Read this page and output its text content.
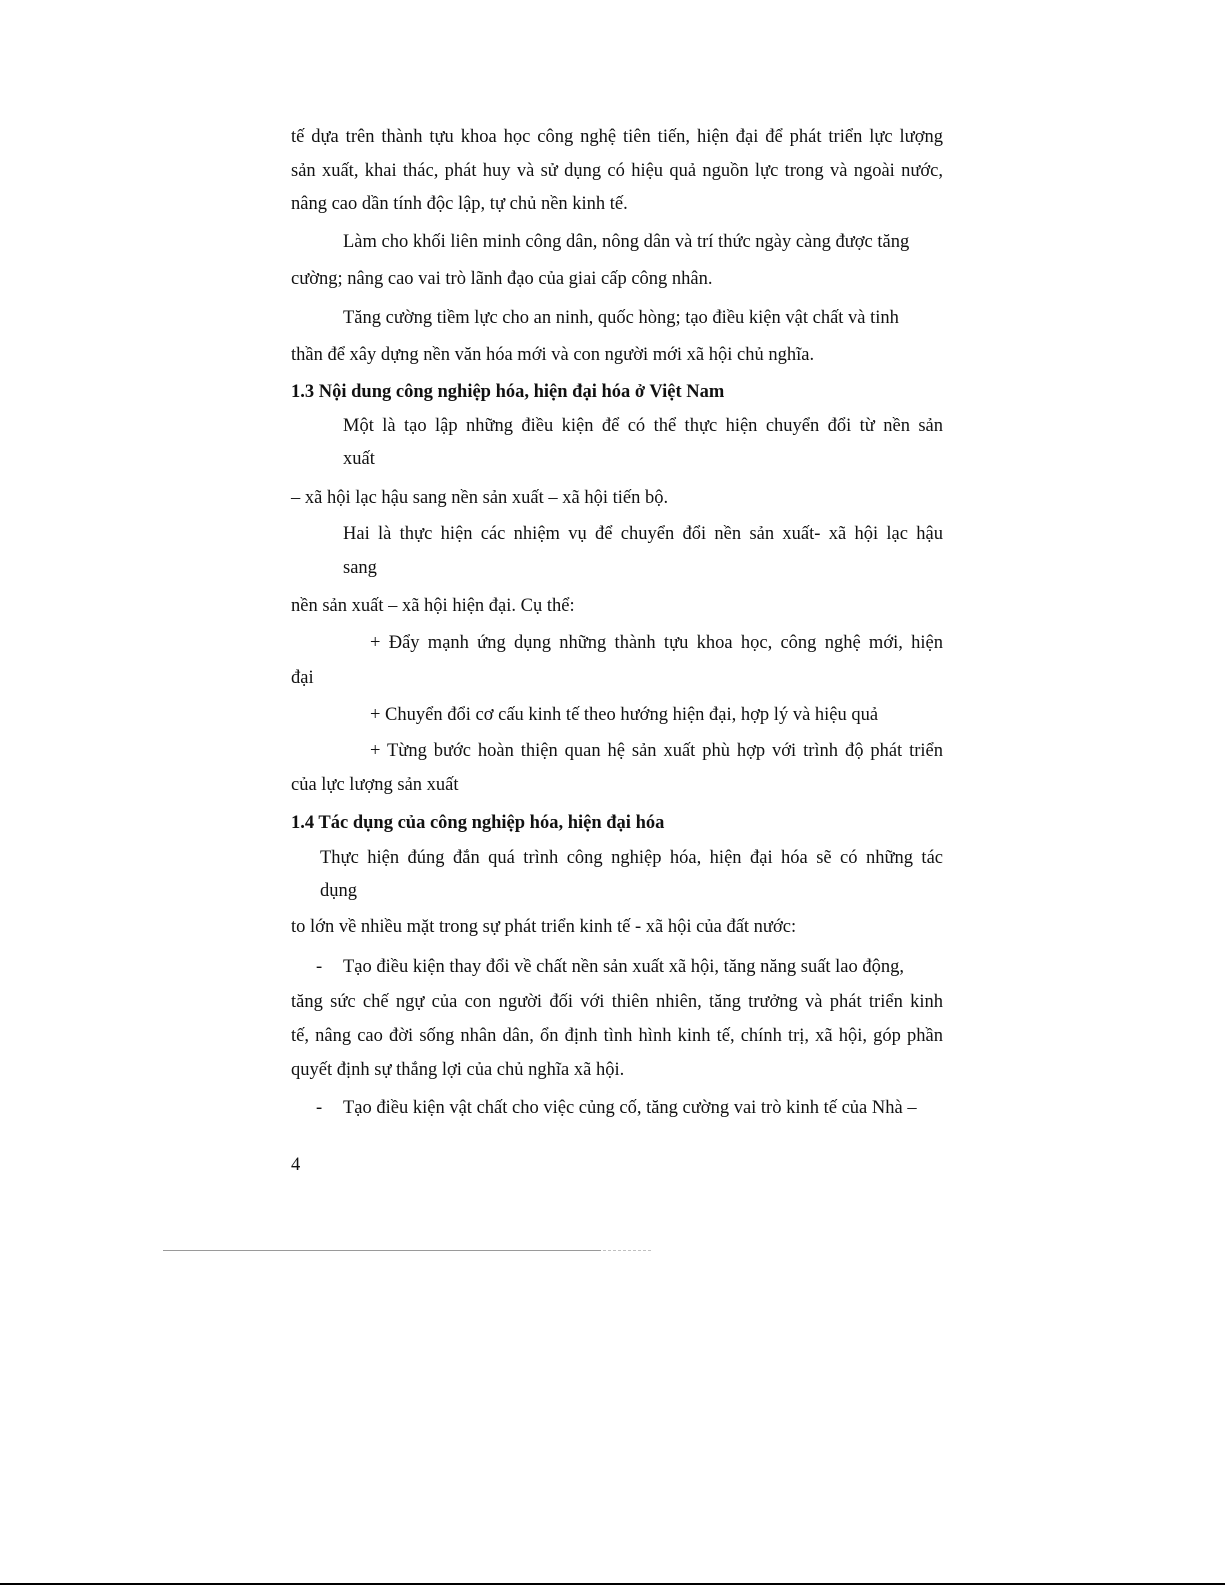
tế dựa trên thành tựu khoa học công nghệ tiên tiến, hiện đại để phát triển lực lượng

sản xuất, khai thác, phát huy và sử dụng có hiệu quả nguồn lực trong và ngoài nước,

nâng cao dần tính độc lập, tự chủ nền kinh tế.

Làm cho khối liên minh công dân, nông dân và trí thức ngày càng được tăng

cường; nâng cao vai trò lãnh đạo của giai cấp công nhân.

Tăng cường tiềm lực cho an ninh, quốc hòng; tạo điều kiện vật chất và tinh

thần để xây dựng nền văn hóa mới và con người mới xã hội chủ nghĩa.

1.3 Nội dung công nghiệp hóa, hiện đại hóa ở Việt Nam

Một là tạo lập những điều kiện để có thể thực hiện chuyển đổi từ nền sản

xuất

– xã hội lạc hậu sang nền sản xuất – xã hội tiến bộ.

Hai là thực hiện các nhiệm vụ để chuyển đổi nền sản xuất- xã hội lạc hậu

sang

nền sản xuất – xã hội hiện đại. Cụ thể:

+ Đẩy mạnh ứng dụng những thành tựu khoa học, công nghệ mới, hiện

đại

+ Chuyển đổi cơ cấu kinh tế theo hướng hiện đại, hợp lý và hiệu quả

+ Từng bước hoàn thiện quan hệ sản xuất phù hợp với trình độ phát triển

của lực lượng sản xuất

1.4 Tác dụng của công nghiệp hóa, hiện đại hóa

Thực hiện đúng đắn quá trình công nghiệp hóa, hiện đại hóa sẽ có những tác

dụng

to lớn về nhiều mặt trong sự phát triển kinh tế - xã hội của đất nước:

- Tạo điều kiện thay đổi về chất nền sản xuất xã hội, tăng năng suất lao động,

tăng sức chế ngự của con người đối với thiên nhiên, tăng trưởng và phát triển kinh

tế, nâng cao đời sống nhân dân, ổn định tình hình kinh tế, chính trị, xã hội, góp phần

quyết định sự thắng lợi của chủ nghĩa xã hội.

- Tạo điều kiện vật chất cho việc củng cố, tăng cường vai trò kinh tế của Nhà –

4
